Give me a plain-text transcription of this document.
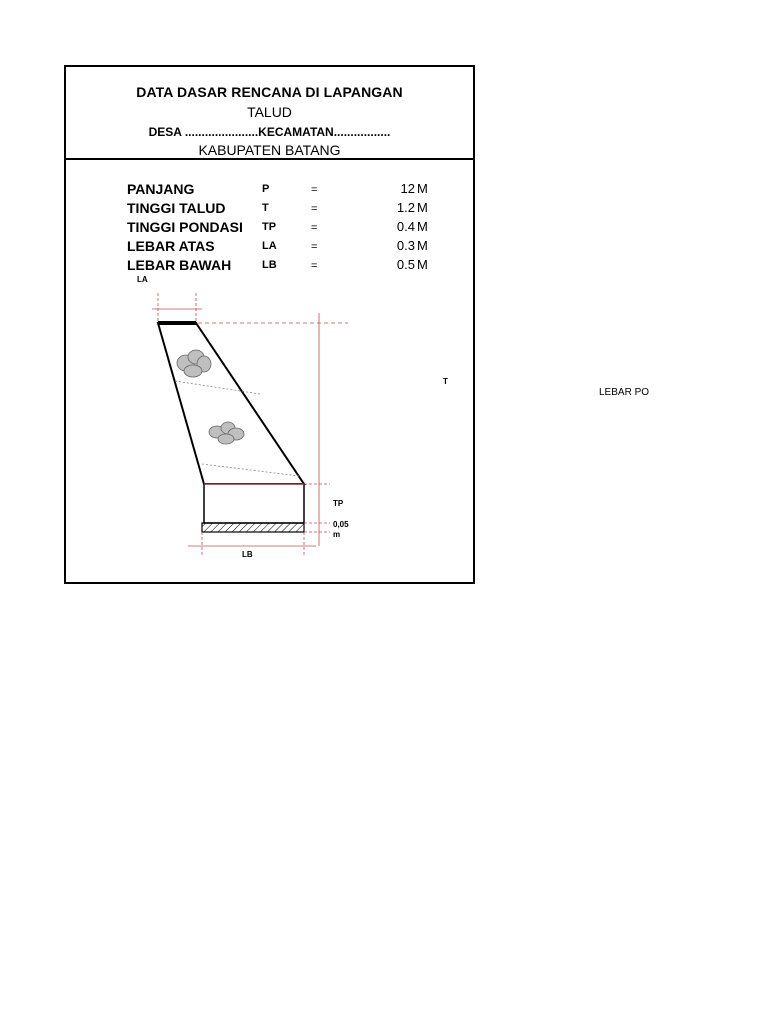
DATA DASAR RENCANA DI LAPANGAN
TALUD
DESA ......................KECAMATAN.................
KABUPATEN BATANG
PANJANG	P	=	12 M
TINGGI TALUD	T	=	1.2 M
TINGGI PONDASI TP	=	0.4 M
LEBAR ATAS	LA	=	0.3 M
LEBAR BAWAH	LB	=	0.5 M
LA
TP
0,05
m
LB
T
LEBAR PO
